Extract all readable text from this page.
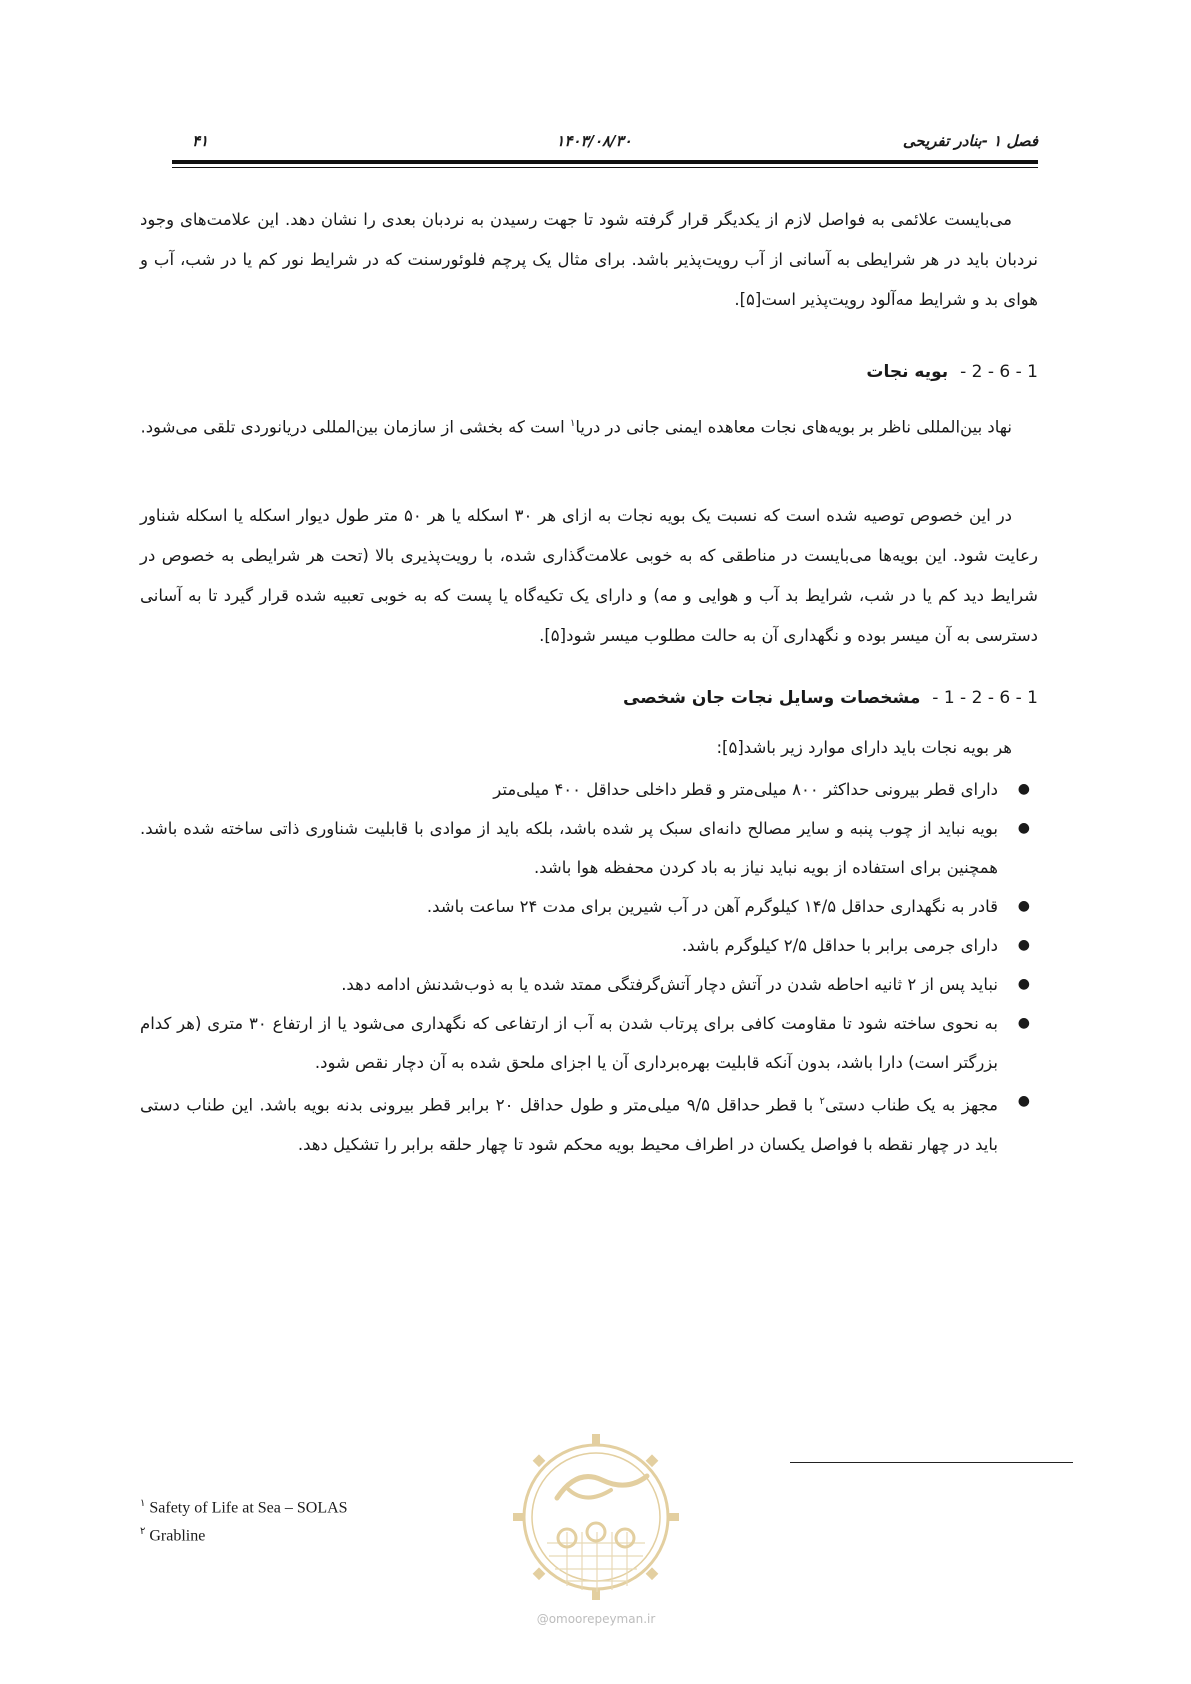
فصل ۱ -بنادر تفریحی
۱۴۰۳/۰۸/۳۰
۴۱

می‌بایست علائمی به فواصل لازم از یکدیگر قرار گرفته شود تا جهت رسیدن به نردبان بعدی را نشان دهد. این علامت‌های وجود نردبان باید در هر شرایطی به آسانی از آب رویت‌پذیر باشد. برای مثال یک پرچم فلوئورسنت که در شرایط نور کم یا در شب، آب و هوای بد و شرایط مه‌آلود رویت‌پذیر است[۵].

1 - 6 - 2 - بویه نجات

نهاد بین‌المللی ناظر بر بویه‌های نجات معاهده ایمنی جانی در دریا$^۱$ است که بخشی از سازمان بین‌المللی دریانوردی تلقی می‌شود.

در این خصوص توصیه شده است که نسبت یک بویه نجات به ازای هر ۳۰ اسکله یا هر ۵۰ متر طول دیوار اسکله یا اسکله شناور رعایت شود. این بویه‌ها می‌بایست در مناطقی که به خوبی علامت‌گذاری شده، با رویت‌پذیری بالا (تحت هر شرایطی به خصوص در شرایط دید کم یا در شب، شرایط بد آب و هوایی و مه) و دارای یک تکیه‌گاه یا پست که به خوبی تعبیه شده قرار گیرد تا به آسانی دسترسی به آن میسر بوده و نگهداری آن به حالت مطلوب میسر شود[۵].

1 - 6 - 2 - 1 - مشخصات وسایل نجات جان شخصی

هر بویه نجات باید دارای موارد زیر باشد[۵]:

●
دارای قطر بیرونی حداکثر ۸۰۰ میلی‌متر و قطر داخلی حداقل ۴۰۰ میلی‌متر
●
بویه نباید از چوب پنبه و سایر مصالح دانه‌ای سبک پر شده باشد، بلکه باید از موادی با قابلیت شناوری ذاتی ساخته شده باشد. همچنین برای استفاده از بویه نباید نیاز به باد کردن محفظه هوا باشد.
●
قادر به نگهداری حداقل ۱۴/۵ کیلوگرم آهن در آب شیرین برای مدت ۲۴ ساعت باشد.
●
دارای جرمی برابر با حداقل ۲/۵ کیلوگرم باشد.
●
نباید پس از ۲ ثانیه احاطه شدن در آتش دچار آتش‌گرفتگی ممتد شده یا به ذوب‌شدنش ادامه دهد.
●
به نحوی ساخته شود تا مقاومت کافی برای پرتاب شدن به آب از ارتفاعی که نگهداری می‌شود یا از ارتفاع ۳۰ متری (هر کدام بزرگتر است) دارا باشد، بدون آنکه قابلیت بهره‌برداری آن یا اجزای ملحق شده به آن دچار نقص شود.
●
مجهز به یک طناب دستی$^۲$ با قطر حداقل ۹/۵ میلی‌متر و طول حداقل ۲۰ برابر قطر بیرونی بدنه بویه باشد. این طناب دستی باید در چهار نقطه با فواصل یکسان در اطراف محیط بویه محکم شود تا چهار حلقه برابر را تشکیل دهد.
$^۱$ Safety of Life at Sea – SOLAS
$^۲$ Grabline
@omoorepeyman.ir
